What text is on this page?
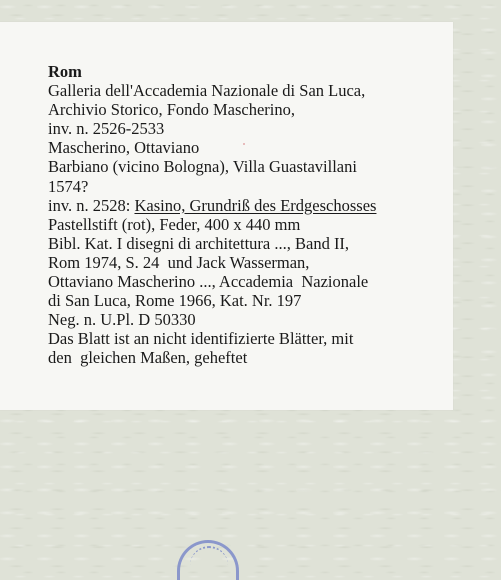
Rom
Galleria dell'Accademia Nazionale di San Luca,
Archivio Storico, Fondo Mascherino,
inv. n. 2526-2533
Mascherino, Ottaviano
Barbiano (vicino Bologna), Villa Guastavillani
1574?
inv. n. 2528: Kasino, Grundriß des Erdgeschosses
Pastellstift (rot), Feder, 400 x 440 mm
Bibl. Kat. I disegni di architettura ..., Band II,
Rom 1974, S. 24  und Jack Wasserman,
Ottaviano Mascherino ..., Accademia  Nazionale
di San Luca, Rome 1966, Kat. Nr. 197
Neg. n. U.Pl. D 50330
Das Blatt ist an nicht identifizierte Blätter, mit
den  gleichen Maßen, geheftet
